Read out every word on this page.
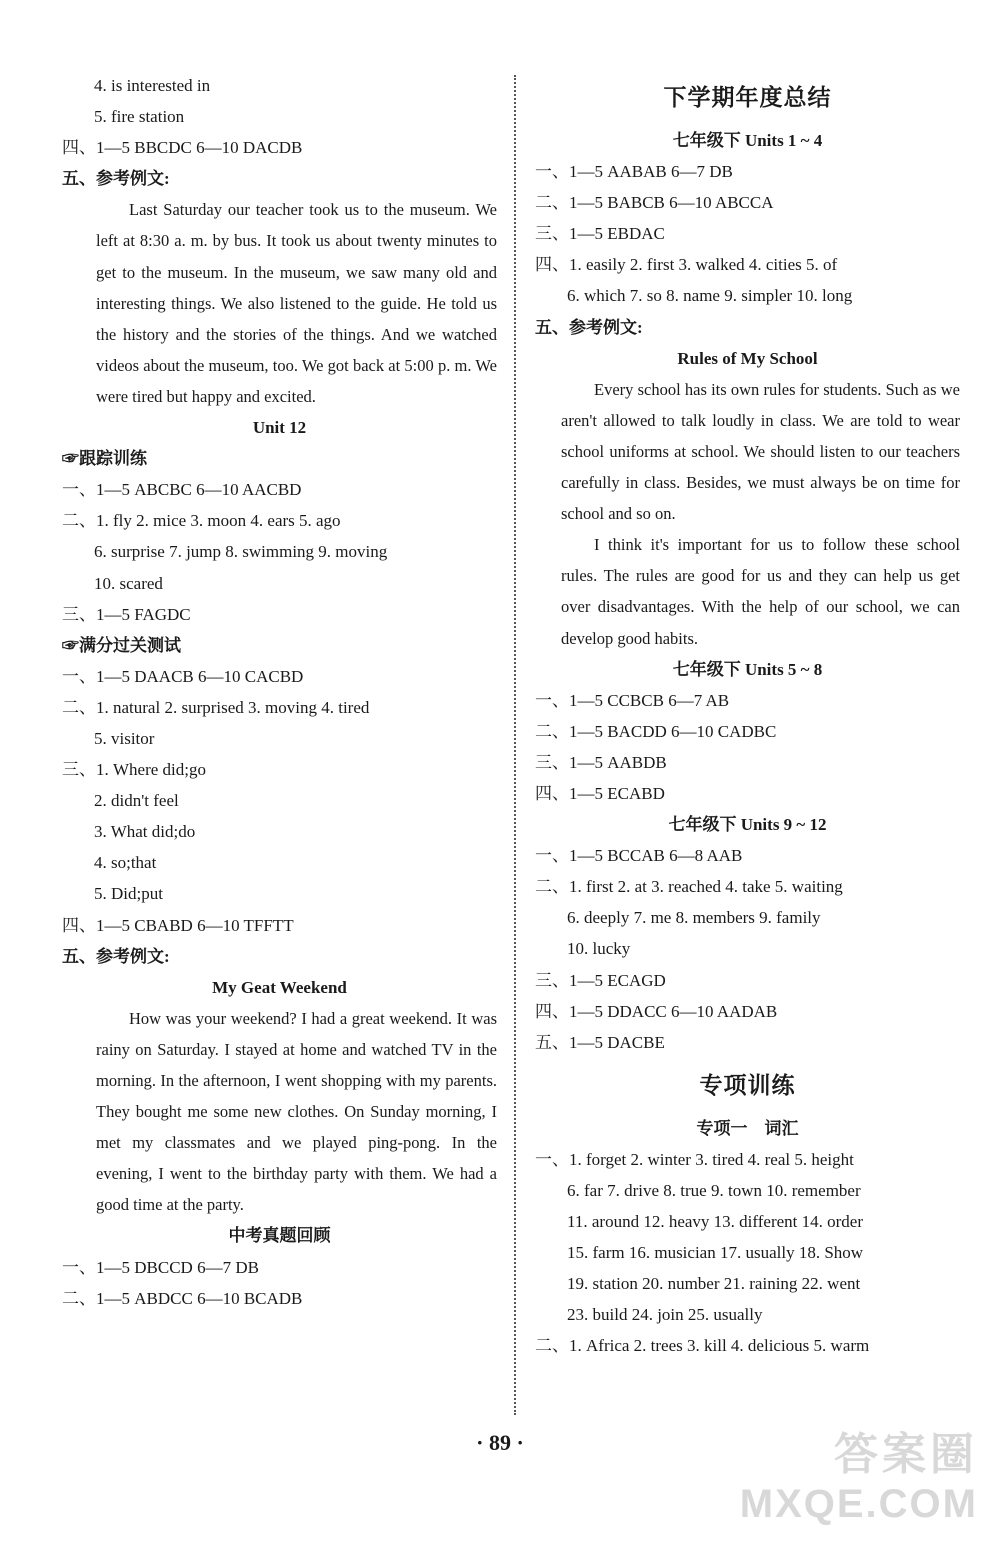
4. is interested in
5. fire station
四、1—5 BBCDC 6—10 DACDB
五、参考例文:

Last Saturday our teacher took us to the museum. We left at 8:30 a. m. by bus. It took us about twenty minutes to get to the museum. In the museum, we saw many old and interesting things. We also listened to the guide. He told us the history and the stories of the things. And we watched videos about the museum, too. We got back at 5:00 p. m. We were tired but happy and excited.

Unit 12
☞跟踪训练
一、1—5 ABCBC 6—10 AACBD
二、1. fly 2. mice 3. moon 4. ears 5. ago
6. surprise 7. jump 8. swimming 9. moving
10. scared
三、1—5 FAGDC
☞满分过关测试
一、1—5 DAACB 6—10 CACBD
二、1. natural 2. surprised 3. moving 4. tired
5. visitor
三、1. Where did;go
2. didn't feel
3. What did;do
4. so;that
5. Did;put
四、1—5 CBABD 6—10 TFFTT
五、参考例文:
My Geat Weekend

How was your weekend? I had a great weekend. It was rainy on Saturday. I stayed at home and watched TV in the morning. In the afternoon, I went shopping with my parents. They bought me some new clothes. On Sunday morning, I met my classmates and we played ping-pong. In the evening, I went to the birthday party with them. We had a good time at the party.

中考真题回顾
一、1—5 DBCCD 6—7 DB
二、1—5 ABDCC 6—10 BCADB
下学期年度总结
七年级下 Units 1 ~ 4
一、1—5 AABAB 6—7 DB
二、1—5 BABCB 6—10 ABCCA
三、1—5 EBDAC
四、1. easily 2. first 3. walked 4. cities 5. of
6. which 7. so 8. name 9. simpler 10. long
五、参考例文:
Rules of My School

Every school has its own rules for students. Such as we aren't allowed to talk loudly in class. We are told to wear school uniforms at school. We should listen to our teachers carefully in class. Besides, we must always be on time for school and so on.

I think it's important for us to follow these school rules. The rules are good for us and they can help us get over disadvantages. With the help of our school, we can develop good habits.

七年级下 Units 5 ~ 8
一、1—5 CCBCB 6—7 AB
二、1—5 BACDD 6—10 CADBC
三、1—5 AABDB
四、1—5 ECABD
七年级下 Units 9 ~ 12
一、1—5 BCCAB 6—8 AAB
二、1. first 2. at 3. reached 4. take 5. waiting
6. deeply 7. me 8. members 9. family
10. lucky
三、1—5 ECAGD
四、1—5 DDACC 6—10 AADAB
五、1—5 DACBE
专项训练
专项一　词汇
一、1. forget 2. winter 3. tired 4. real 5. height
6. far 7. drive 8. true 9. town 10. remember
11. around 12. heavy 13. different 14. order
15. farm 16. musician 17. usually 18. Show
19. station 20. number 21. raining 22. went
23. build 24. join 25. usually
二、1. Africa 2. trees 3. kill 4. delicious 5. warm
· 89 ·	答案圈
MXQE.COM
